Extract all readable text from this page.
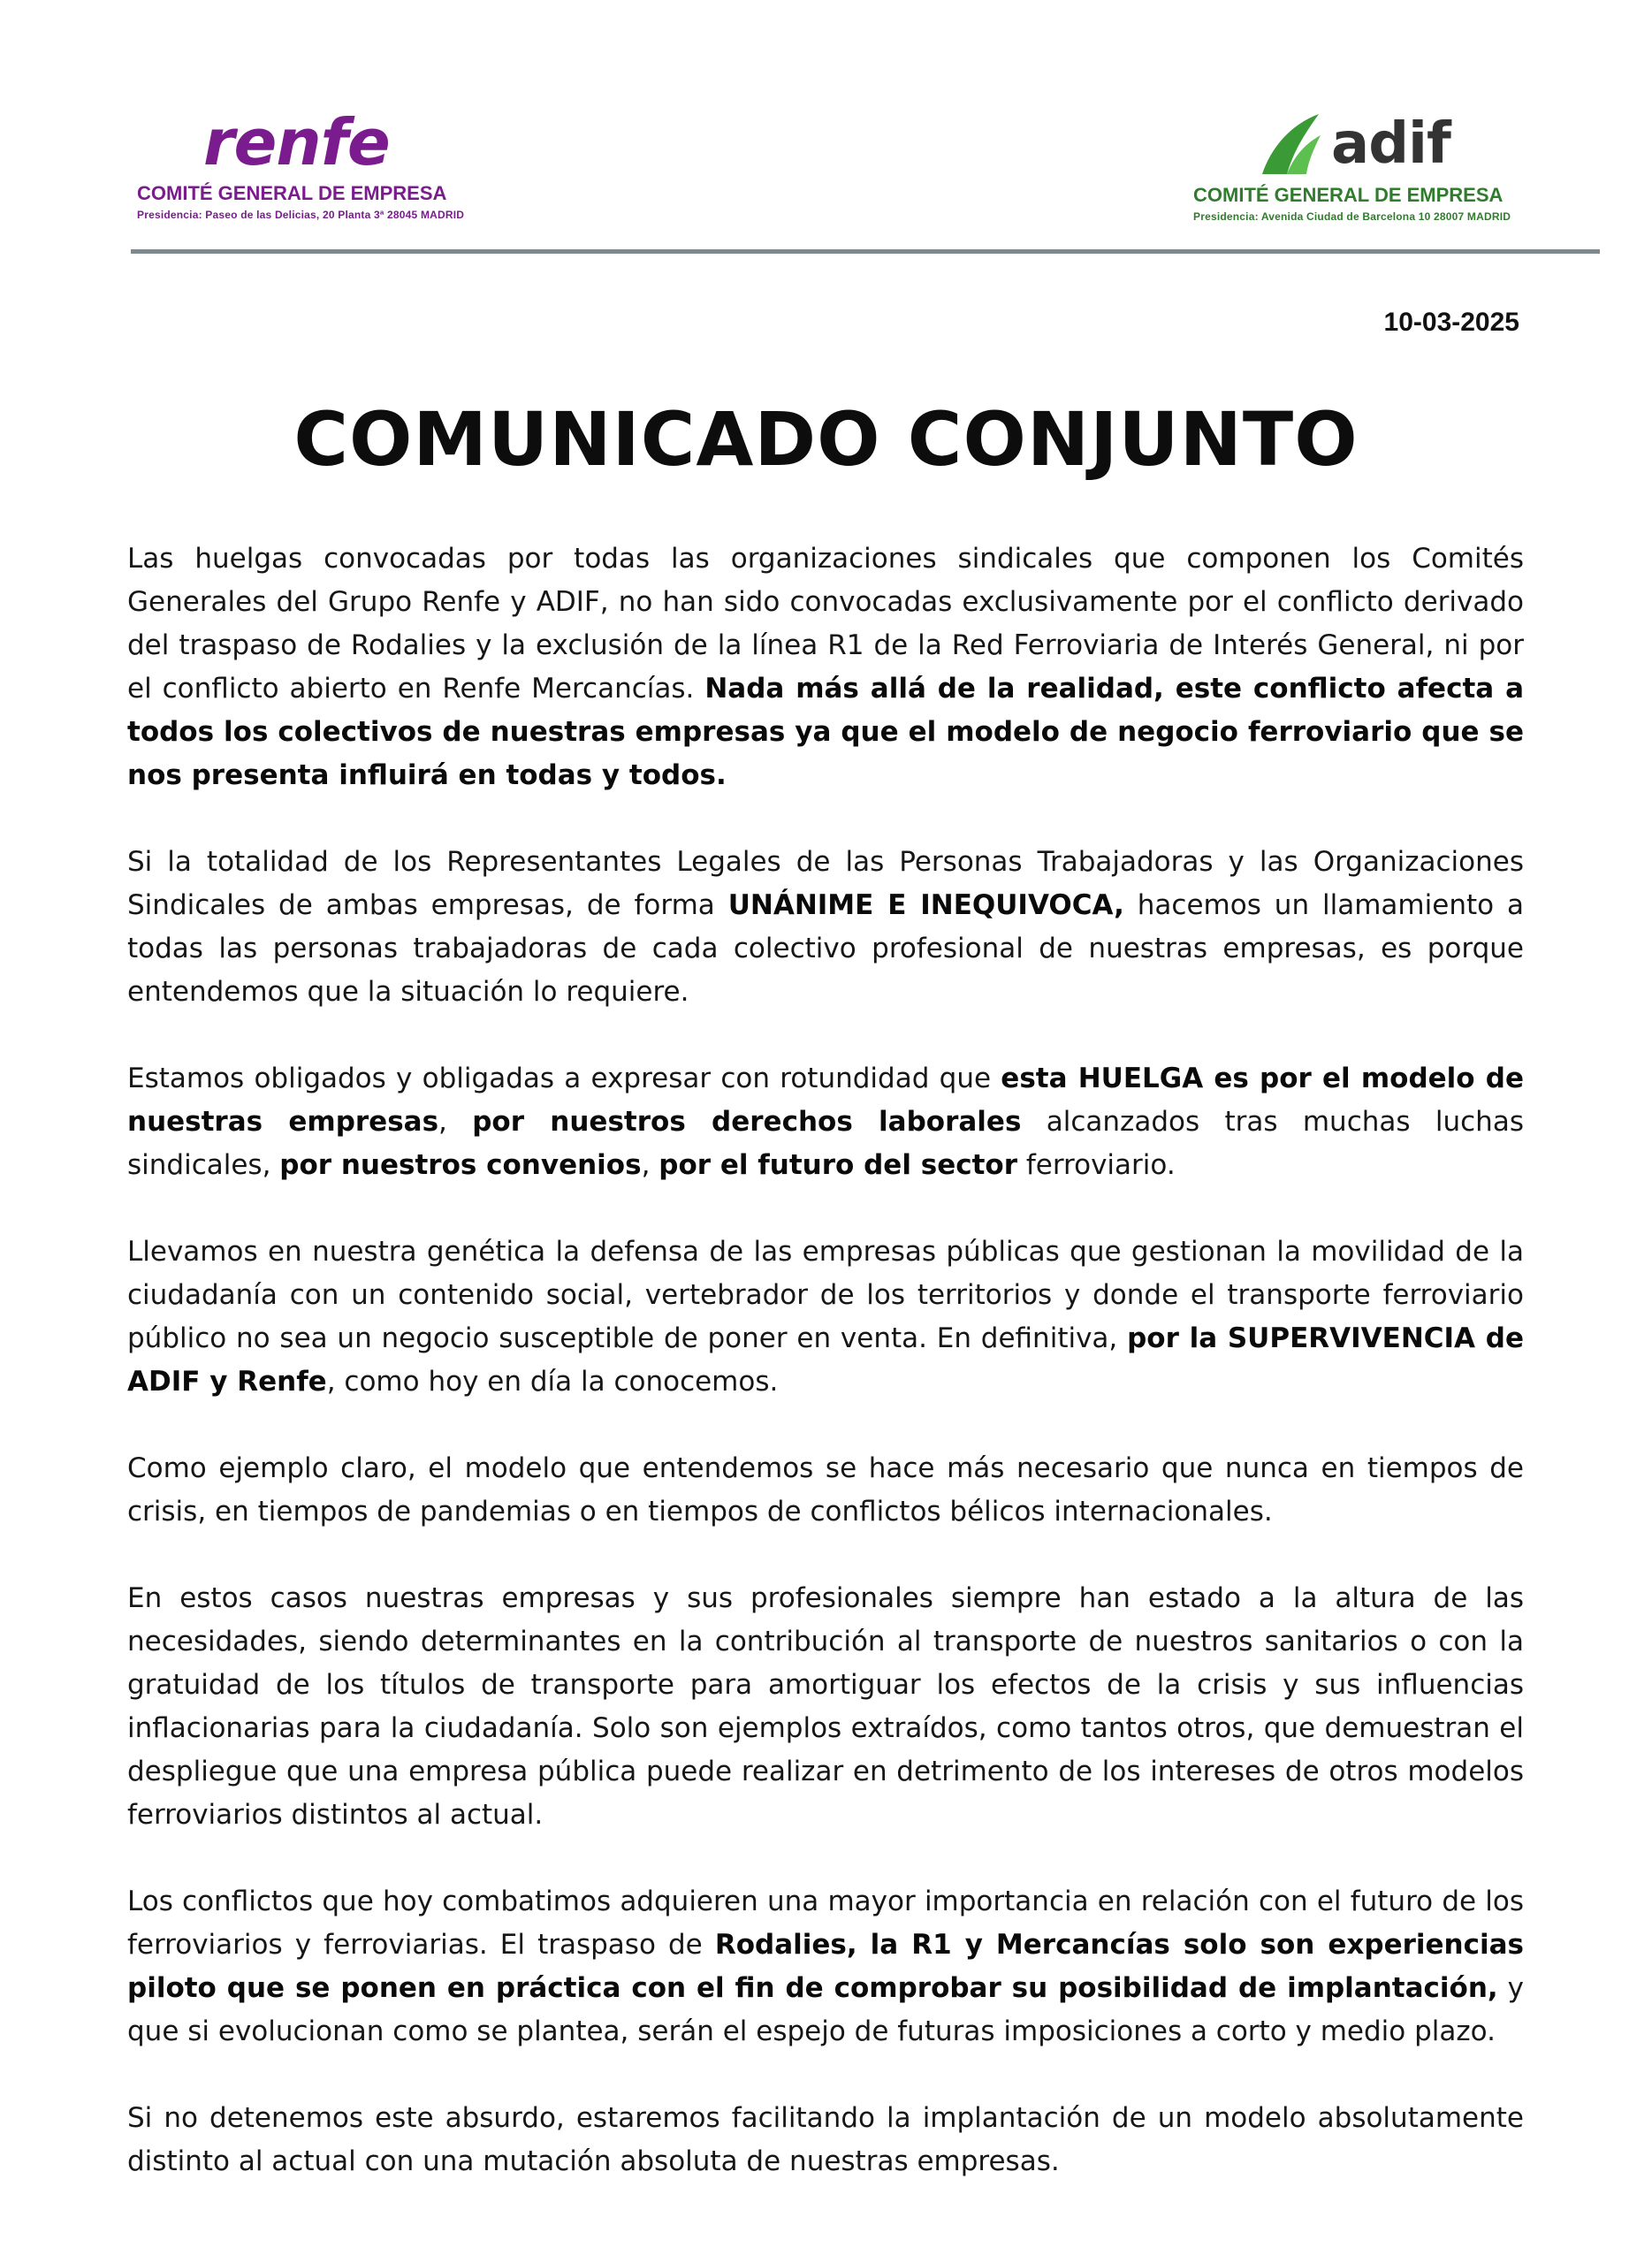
renfe
COMITÉ GENERAL DE EMPRESA
Presidencia: Paseo de las Delicias, 20 Planta 3ª 28045 MADRID
adif
COMITÉ GENERAL DE EMPRESA
Presidencia: Avenida Ciudad de Barcelona 10 28007 MADRID
10-03-2025
COMUNICADO CONJUNTO

Las huelgas convocadas por todas las organizaciones sindicales que componen los Comités Generales del Grupo Renfe y ADIF, no han sido convocadas exclusivamente por el conflicto derivado del traspaso de Rodalies y la exclusión de la línea R1 de la Red Ferroviaria de Interés General, ni por el conflicto abierto en Renfe Mercancías. Nada más allá de la realidad, este conflicto afecta a todos los colectivos de nuestras empresas ya que el modelo de negocio ferroviario que se nos presenta influirá en todas y todos.

Si la totalidad de los Representantes Legales de las Personas Trabajadoras y las Organizaciones Sindicales de ambas empresas, de forma UNÁNIME E INEQUIVOCA, hacemos un llamamiento a todas las personas trabajadoras de cada colectivo profesional de nuestras empresas, es porque entendemos que la situación lo requiere.

Estamos obligados y obligadas a expresar con rotundidad que esta HUELGA es por el modelo de nuestras empresas, por nuestros derechos laborales alcanzados tras muchas luchas sindicales, por nuestros convenios, por el futuro del sector ferroviario.

Llevamos en nuestra genética la defensa de las empresas públicas que gestionan la movilidad de la ciudadanía con un contenido social, vertebrador de los territorios y donde el transporte ferroviario público no sea un negocio susceptible de poner en venta. En definitiva, por la SUPERVIVENCIA de ADIF y Renfe, como hoy en día la conocemos.

Como ejemplo claro, el modelo que entendemos se hace más necesario que nunca en tiempos de crisis, en tiempos de pandemias o en tiempos de conflictos bélicos internacionales.

En estos casos nuestras empresas y sus profesionales siempre han estado a la altura de las necesidades, siendo determinantes en la contribución al transporte de nuestros sanitarios o con la gratuidad de los títulos de transporte para amortiguar los efectos de la crisis y sus influencias inflacionarias para la ciudadanía. Solo son ejemplos extraídos, como tantos otros, que demuestran el despliegue que una empresa pública puede realizar en detrimento de los intereses de otros modelos ferroviarios distintos al actual.

Los conflictos que hoy combatimos adquieren una mayor importancia en relación con el futuro de los ferroviarios y ferroviarias. El traspaso de Rodalies, la R1 y Mercancías solo son experiencias piloto que se ponen en práctica con el fin de comprobar su posibilidad de implantación, y que si evolucionan como se plantea, serán el espejo de futuras imposiciones a corto y medio plazo.

Si no detenemos este absurdo, estaremos facilitando la implantación de un modelo absolutamente distinto al actual con una mutación absoluta de nuestras empresas.
